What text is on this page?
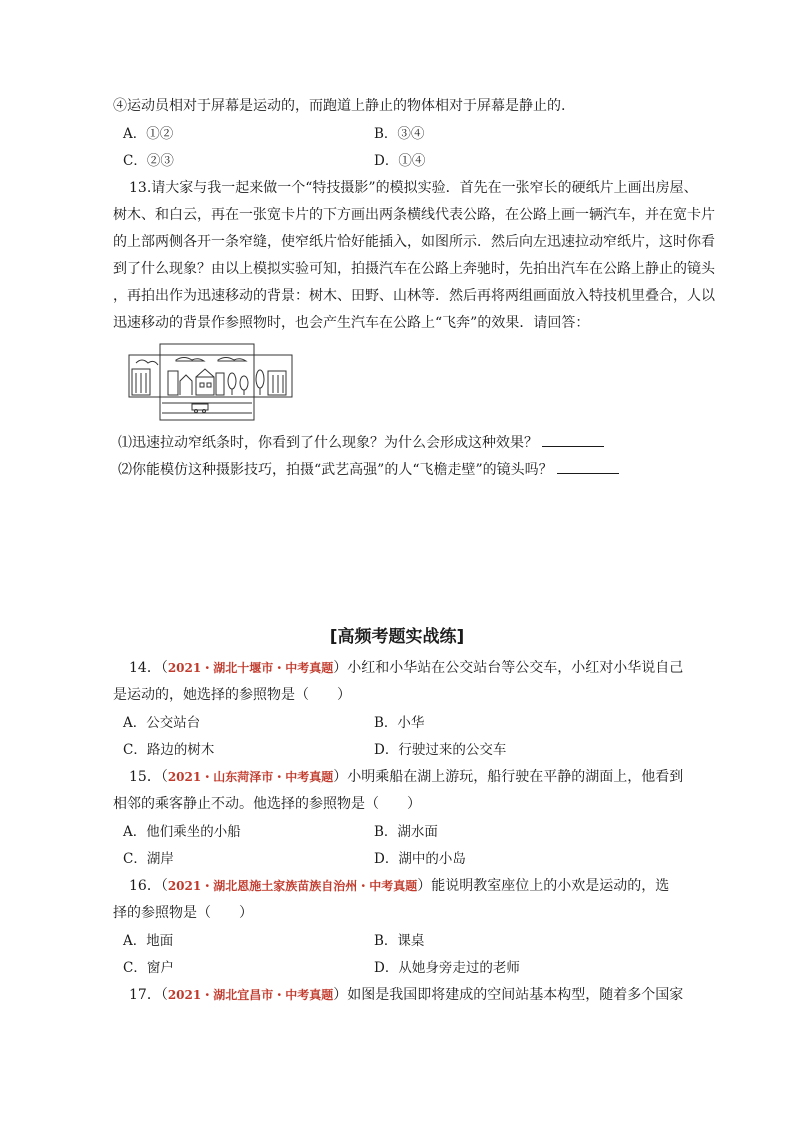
④运动员相对于屏幕是运动的，而跑道上静止的物体相对于屏幕是静止的.
A．①②	B．③④
C．②③	D．①④
13.请大家与我一起来做一个“特技摄影”的模拟实验．首先在一张窄长的硬纸片上画出房屋、
树木、和白云，再在一张宽卡片的下方画出两条横线代表公路，在公路上画一辆汽车，并在宽卡片
的上部两侧各开一条窄缝，使窄纸片恰好能插入，如图所示．然后向左迅速拉动窄纸片，这时你看
到了什么现象？由以上模拟实验可知，拍摄汽车在公路上奔驰时，先拍出汽车在公路上静止的镜头
，再拍出作为迅速移动的背景：树木、田野、山林等．然后再将两组画面放入特技机里叠合，人以
迅速移动的背景作参照物时，也会产生汽车在公路上“飞奔”的效果．请回答：
⑴迅速拉动窄纸条时，你看到了什么现象？为什么会形成这种效果？
⑵你能模仿这种摄影技巧，拍摄“武艺高强”的人“飞檐走壁”的镜头吗？
[高频考题实战练]
14．（2021・湖北十堰市・中考真题）小红和小华站在公交站台等公交车，小红对小华说自己
是运动的，她选择的参照物是（　　）
A．公交站台	B．小华
C．路边的树木	D．行驶过来的公交车
15．（2021・山东菏泽市・中考真题）小明乘船在湖上游玩，船行驶在平静的湖面上，他看到
相邻的乘客静止不动。他选择的参照物是（　　）
A．他们乘坐的小船	B．湖水面
C．湖岸	D．湖中的小岛
16．（2021・湖北恩施土家族苗族自治州・中考真题）能说明教室座位上的小欢是运动的，选
择的参照物是（　　）
A．地面	B．课桌
C．窗户	D．从她身旁走过的老师
17．（2021・湖北宜昌市・中考真题）如图是我国即将建成的空间站基本构型，随着多个国家
